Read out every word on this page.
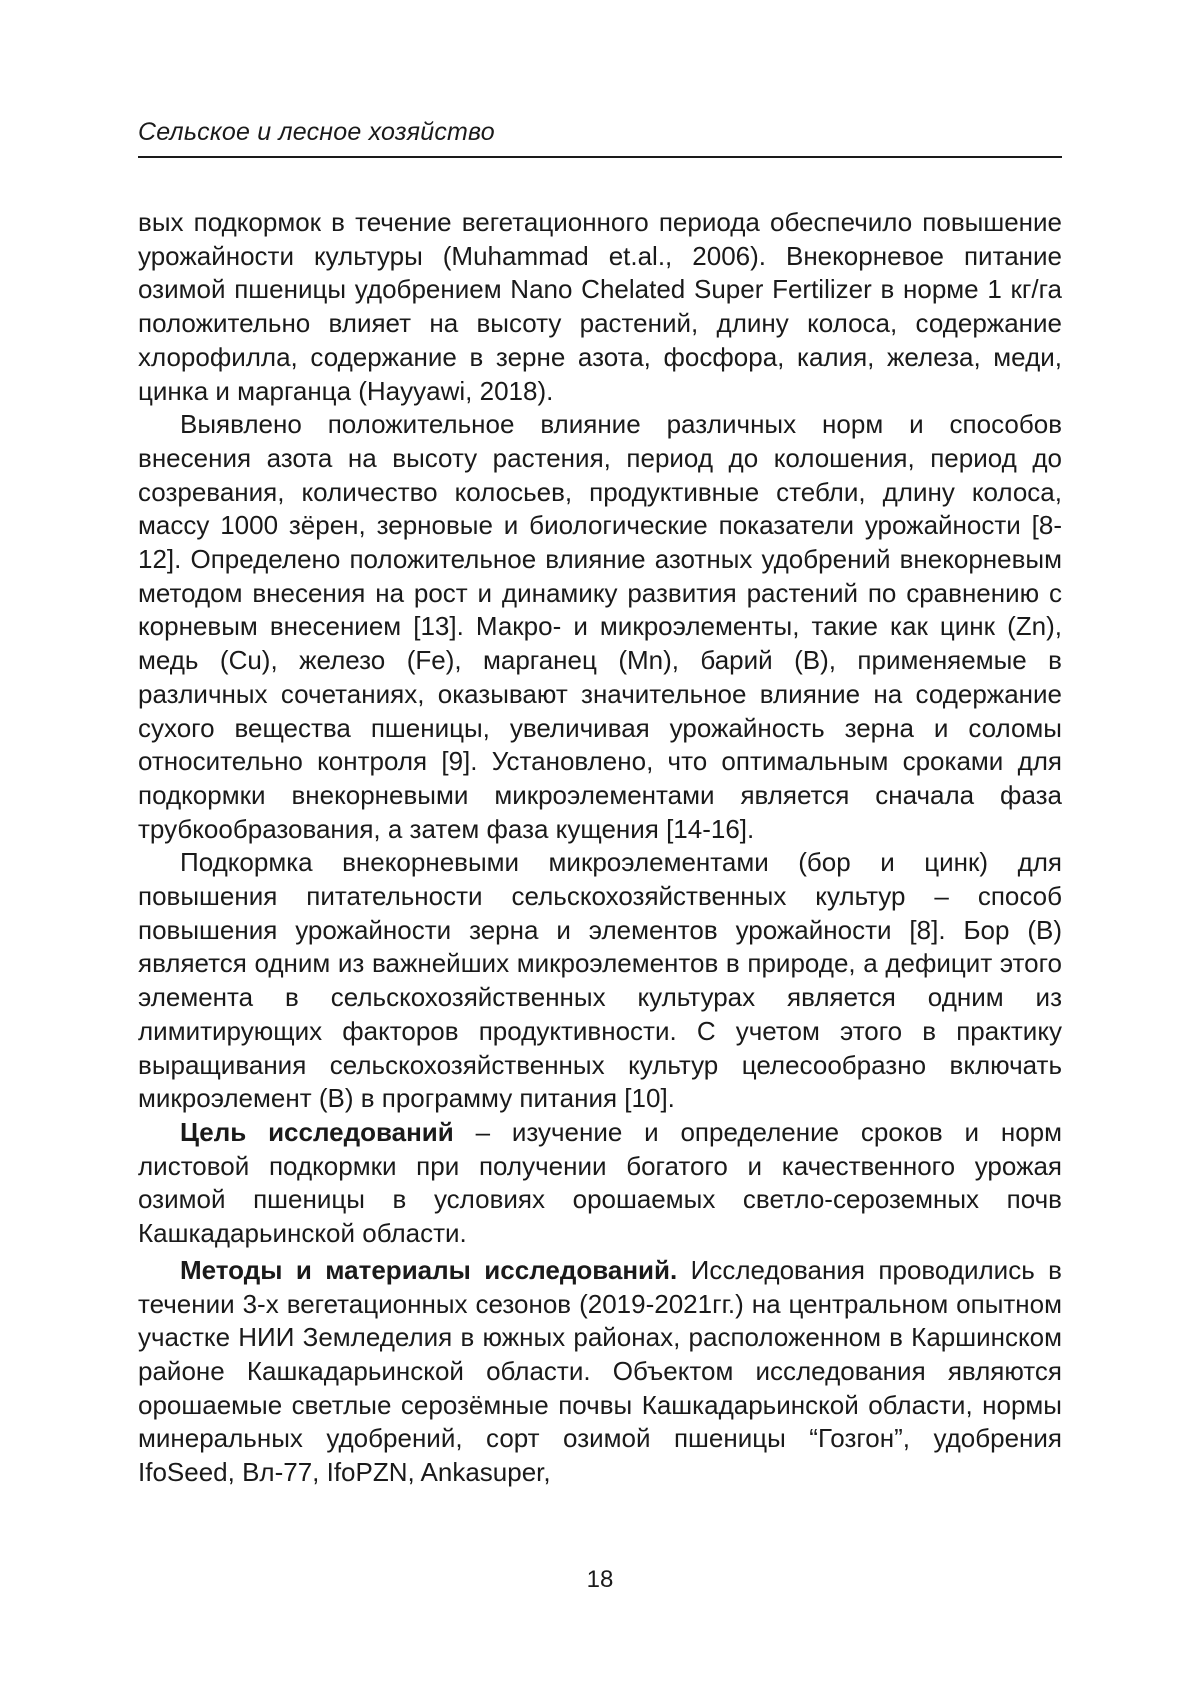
Сельское и лесное хозяйство

вых подкормок в течение вегетационного периода обеспечило повышение урожайности культуры (Muhammad et.al., 2006). Внекорневое питание озимой пшеницы удобрением Nano Chelated Super Fertilizer в норме 1 кг/га положительно влияет на высоту растений, длину колоса, содержание хлорофилла, содержание в зерне азота, фосфора, калия, железа, меди, цинка и марганца (Hayyawi, 2018).

Выявлено положительное влияние различных норм и способов внесения азота на высоту растения, период до колошения, период до созревания, количество колосьев, продуктивные стебли, длину колоса, массу 1000 зёрен, зерновые и биологические показатели урожайности [8-12]. Определено положительное влияние азотных удобрений внекорневым методом внесения на рост и динамику развития растений по сравнению с корневым внесением [13]. Макро- и микроэлементы, такие как цинк (Zn), медь (Cu), железо (Fe), марганец (Mn), барий (B), применяемые в различных сочетаниях, оказывают значительное влияние на содержание сухого вещества пшеницы, увеличивая урожайность зерна и соломы относительно контроля [9]. Установлено, что оптимальным сроками для подкормки внекорневыми микроэлементами является сначала фаза трубкообразования, а затем фаза кущения [14-16].

Подкормка внекорневыми микроэлементами (бор и цинк) для повышения питательности сельскохозяйственных культур – способ повышения урожайности зерна и элементов урожайности [8]. Бор (B) является одним из важнейших микроэлементов в природе, а дефицит этого элемента в сельскохозяйственных культурах является одним из лимитирующих факторов продуктивности. С учетом этого в практику выращивания сельскохозяйственных культур целесообразно включать микроэлемент (B) в программу питания [10].

Цель исследований – изучение и определение сроков и норм листовой подкормки при получении богатого и качественного урожая озимой пшеницы в условиях орошаемых светло-сероземных почв Кашкадарьинской области.

Методы и материалы исследований. Исследования проводились в течении 3-х вегетационных сезонов (2019-2021гг.) на центральном опытном участке НИИ Земледелия в южных районах, расположенном в Каршинском районе Кашкадарьинской области. Объектом исследования являются орошаемые светлые серозёмные почвы Кашкадарьинской области, нормы минеральных удобрений, сорт озимой пшеницы “Гозгон”, удобрения IfoSeed, Вл-77, IfoPZN, Ankasuper,

18
